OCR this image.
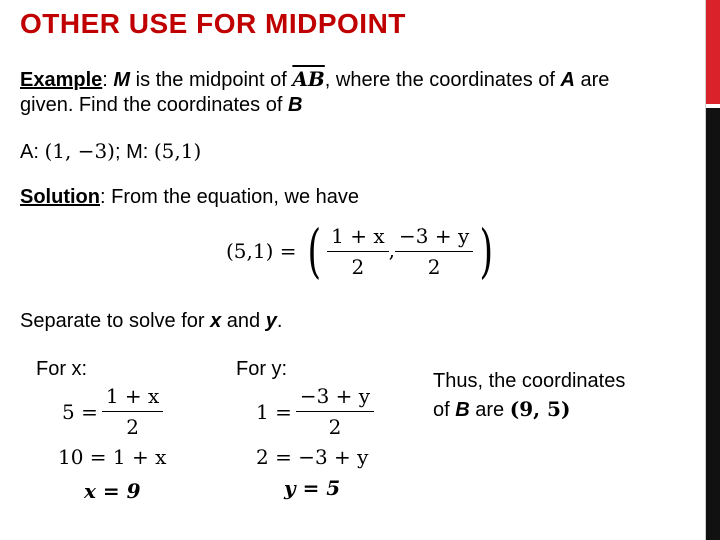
OTHER USE FOR MIDPOINT
Example: M is the midpoint of $\overline{AB}$, where the coordinates of A are
given. Find the coordinates of B
A: (1, −3); M: (5,1)
Solution: From the equation, we have
(5,1) = ( $\frac{1 + x}{2}$ , $\frac{-3 + y}{2}$ )
Separate to solve for x and y.
For x:
$5 = \frac{1 + x}{2}$
10 = 1 + x
x = 9
For y:
$1 = \frac{-3 + y}{2}$
2 = −3 + y
y = 5
Thus, the coordinates
of B are (9, 5)
